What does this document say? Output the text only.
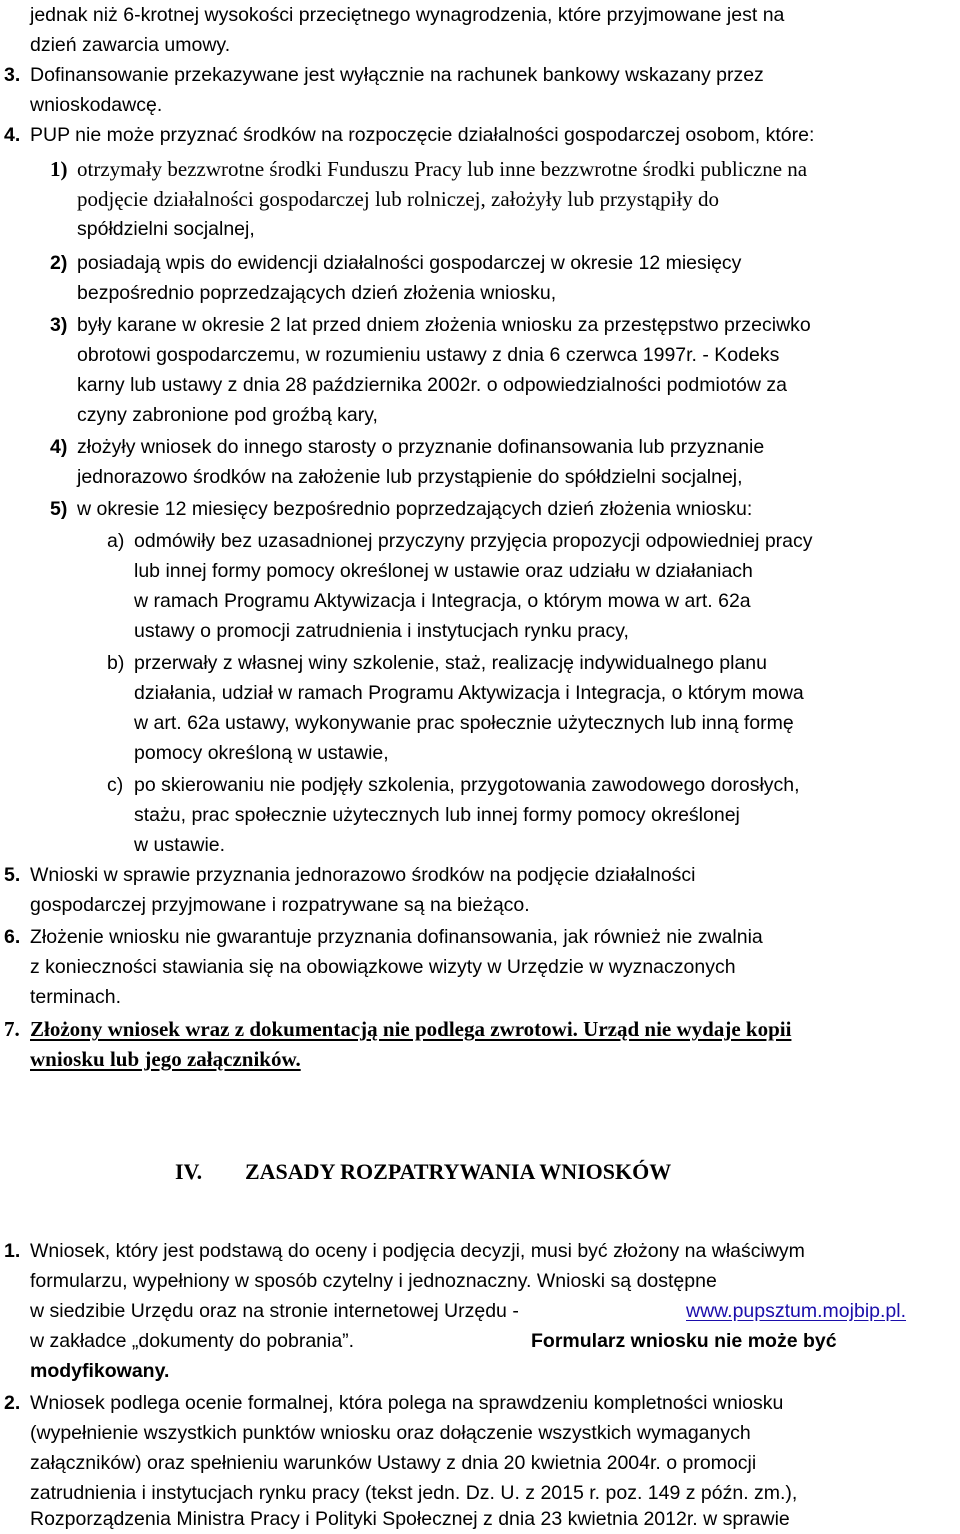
jednak niż 6-krotnej wysokości przeciętnego wynagrodzenia, które przyjmowane jest na
dzień zawarcia umowy.
3. Dofinansowanie przekazywane jest wyłącznie na rachunek bankowy wskazany przez
wnioskodawcę.
4. PUP nie może przyznać środków na rozpoczęcie działalności gospodarczej osobom, które:
1) otrzymały bezzwrotne środki Funduszu Pracy lub inne bezzwrotne środki publiczne na
podjęcie działalności gospodarczej lub rolniczej, założyły lub przystąpiły do
spółdzielni socjalnej,
2) posiadają wpis do ewidencji działalności gospodarczej w okresie 12 miesięcy
bezpośrednio poprzedzających dzień złożenia wniosku,
3) były karane w okresie 2 lat przed dniem złożenia wniosku za przestępstwo przeciwko
obrotowi gospodarczemu, w rozumieniu ustawy z dnia 6 czerwca 1997r. - Kodeks
karny lub ustawy z dnia 28 października 2002r. o odpowiedzialności podmiotów za
czyny zabronione pod groźbą kary,
4) złożyły wniosek do innego starosty o przyznanie dofinansowania lub przyznanie
jednorazowo środków na założenie lub przystąpienie do spółdzielni socjalnej,
5) w okresie 12 miesięcy bezpośrednio poprzedzających dzień złożenia wniosku:
a) odmówiły bez uzasadnionej przyczyny przyjęcia propozycji odpowiedniej pracy
lub innej formy pomocy określonej w ustawie oraz udziału w działaniach
w ramach Programu Aktywizacja i Integracja, o którym mowa w art. 62a
ustawy o promocji zatrudnienia i instytucjach rynku pracy,
b) przerwały z własnej winy szkolenie, staż, realizację indywidualnego planu
działania, udział w ramach Programu Aktywizacja i Integracja, o którym mowa
w art. 62a ustawy, wykonywanie prac społecznie użytecznych lub inną formę
pomocy określoną w ustawie,
c) po skierowaniu nie podjęły szkolenia, przygotowania zawodowego dorosłych,
stażu, prac społecznie użytecznych lub innej formy pomocy określonej
w ustawie.
5. Wnioski w sprawie przyznania jednorazowo środków na podjęcie działalności
gospodarczej przyjmowane i rozpatrywane są na bieżąco.
6. Złożenie wniosku nie gwarantuje przyznania dofinansowania, jak również nie zwalnia
z konieczności stawiania się na obowiązkowe wizyty w Urzędzie w wyznaczonych
terminach.
7. Złożony wniosek wraz z dokumentacją nie podlega zwrotowi. Urząd nie wydaje kopii
wniosku lub jego załączników.
IV. ZASADY ROZPATRYWANIA WNIOSKÓW
1. Wniosek, który jest podstawą do oceny i podjęcia decyzji, musi być złożony na właściwym
formularzu, wypełniony w sposób czytelny i jednoznaczny. Wnioski są dostępne
w siedzibie Urzędu oraz na stronie internetowej Urzędu -	www.pupsztum.mojbip.pl.
w zakładce „dokumenty do pobrania”.	Formularz wniosku nie może być
modyfikowany.
2. Wniosek podlega ocenie formalnej, która polega na sprawdzeniu kompletności wniosku
(wypełnienie wszystkich punktów wniosku oraz dołączenie wszystkich wymaganych
załączników) oraz spełnieniu warunków Ustawy z dnia 20 kwietnia 2004r. o promocji
zatrudnienia i instytucjach rynku pracy (tekst jedn. Dz. U. z 2015 r. poz. 149 z późn. zm.),
Rozporządzenia Ministra Pracy i Polityki Społecznej z dnia 23 kwietnia 2012r. w sprawie
